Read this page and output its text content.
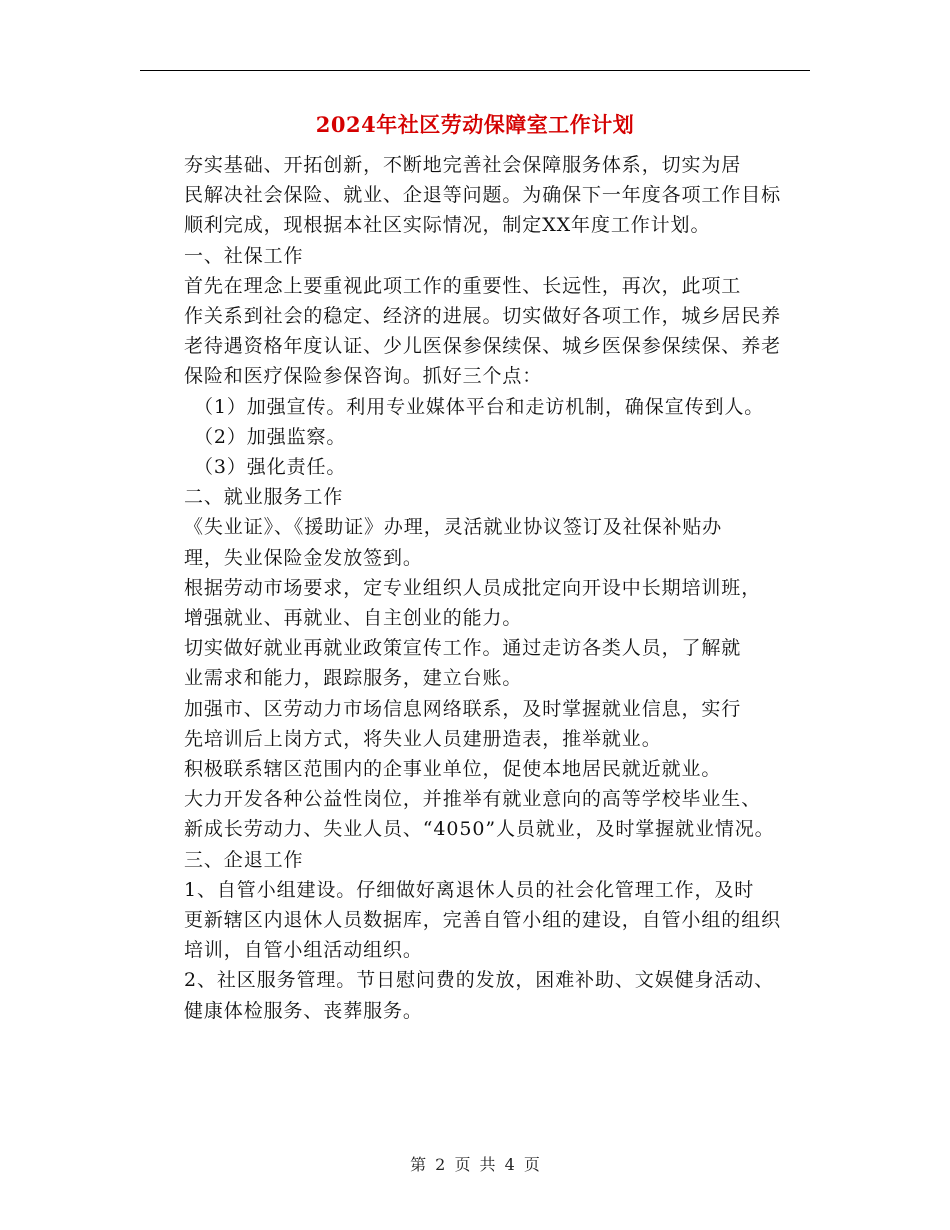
2024年社区劳动保障室工作计划

夯实基础、开拓创新，不断地完善社会保障服务体系，切实为居
民解决社会保险、就业、企退等问题。为确保下一年度各项工作目标
顺利完成，现根据本社区实际情况，制定XX年度工作计划。

一、社保工作

首先在理念上要重视此项工作的重要性、长远性，再次，此项工
作关系到社会的稳定、经济的进展。切实做好各项工作，城乡居民养
老待遇资格年度认证、少儿医保参保续保、城乡医保参保续保、养老
保险和医疗保险参保咨询。抓好三个点：

（1）加强宣传。利用专业媒体平台和走访机制，确保宣传到人。

（2）加强监察。

（3）强化责任。

二、就业服务工作

《失业证》、《援助证》办理，灵活就业协议签订及社保补贴办
理，失业保险金发放签到。

根据劳动市场要求，定专业组织人员成批定向开设中长期培训班，
增强就业、再就业、自主创业的能力。

切实做好就业再就业政策宣传工作。通过走访各类人员，了解就
业需求和能力，跟踪服务，建立台账。

加强市、区劳动力市场信息网络联系，及时掌握就业信息，实行
先培训后上岗方式，将失业人员建册造表，推举就业。

积极联系辖区范围内的企事业单位，促使本地居民就近就业。

大力开发各种公益性岗位，并推举有就业意向的高等学校毕业生、
新成长劳动力、失业人员、“4050”人员就业，及时掌握就业情况。

三、企退工作

1、自管小组建设。仔细做好离退休人员的社会化管理工作，及时
更新辖区内退休人员数据库，完善自管小组的建设，自管小组的组织
培训，自管小组活动组织。

2、社区服务管理。节日慰问费的发放，困难补助、文娱健身活动、
健康体检服务、丧葬服务。

第 2 页 共 4 页
